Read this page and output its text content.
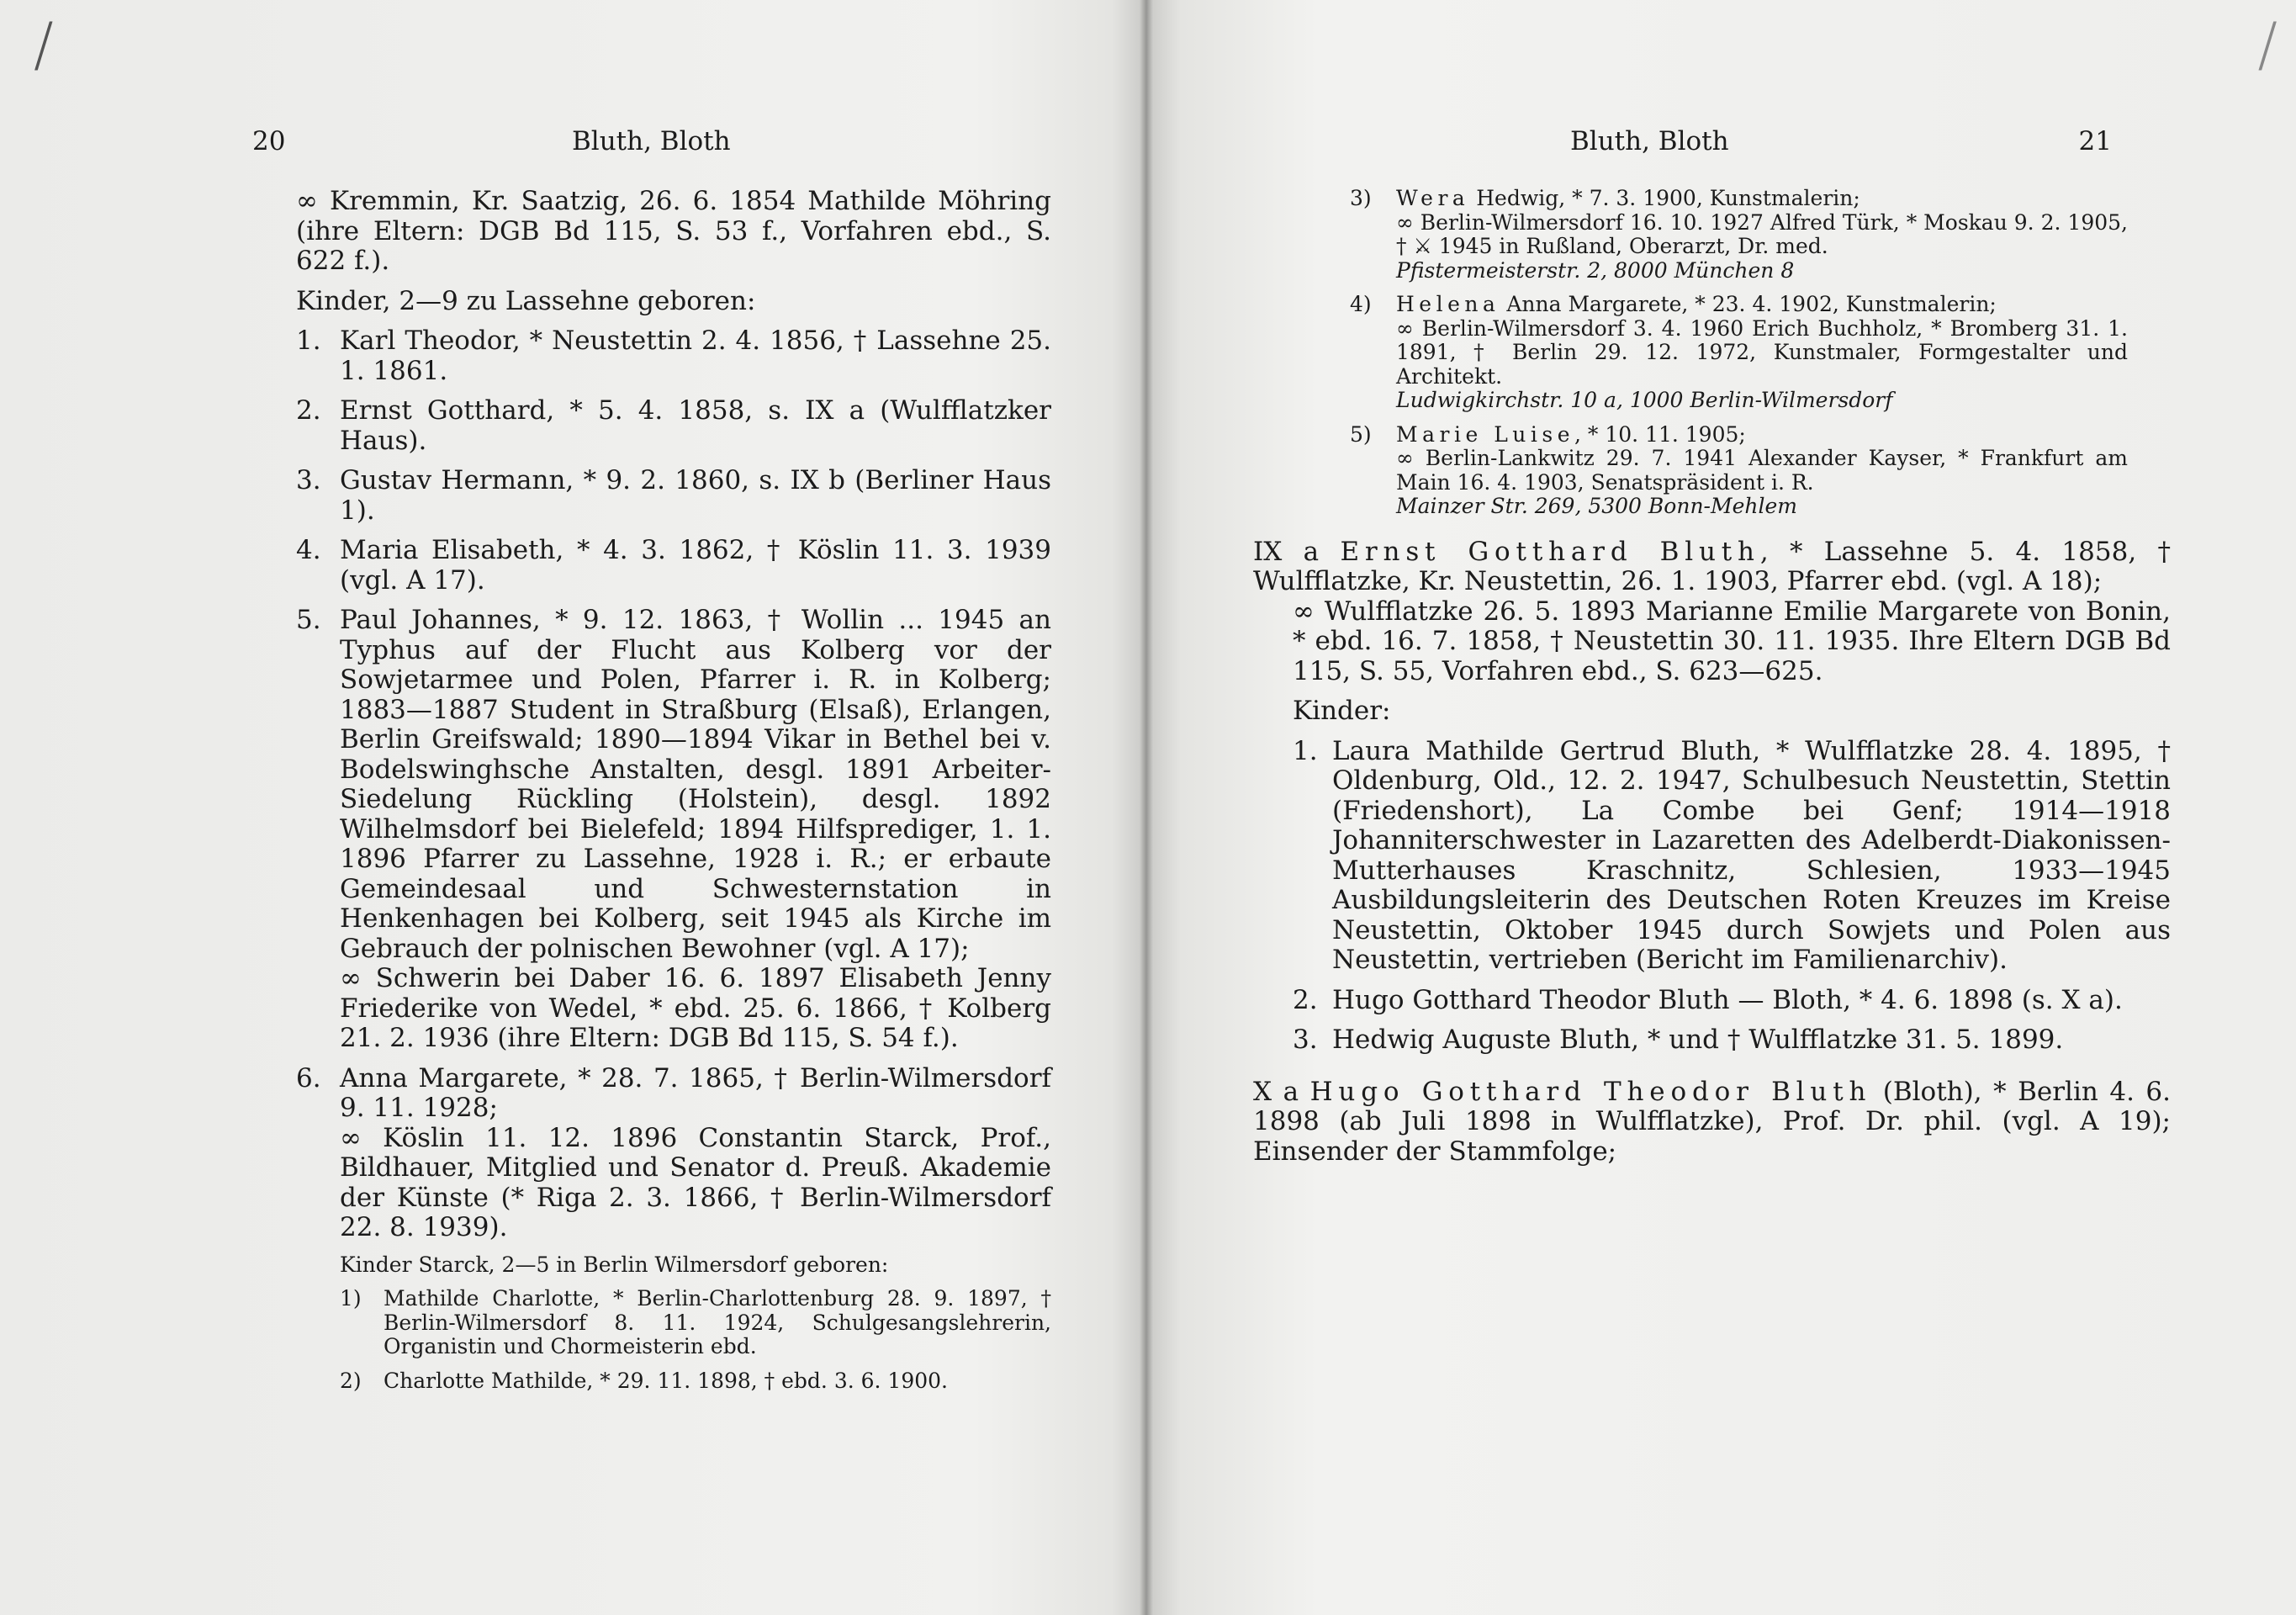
/
20	Bluth, Bloth

∞ Kremmin, Kr. Saatzig, 26. 6. 1854 Mathilde Möhring (ihre Eltern: DGB Bd 115, S. 53 f., Vorfahren ebd., S. 622 f.).

Kinder, 2—9 zu Lassehne geboren:

1. Karl Theodor, * Neustettin 2. 4. 1856, † Lassehne 25. 1. 1861.
2. Ernst Gotthard, * 5. 4. 1858, s. IX a (Wulfflatzker Haus).
3. Gustav Hermann, * 9. 2. 1860, s. IX b (Berliner Haus 1).
4. Maria Elisabeth, * 4. 3. 1862, † Köslin 11. 3. 1939 (vgl. A 17).
5. Paul Johannes, * 9. 12. 1863, † Wollin ... 1945 an Typhus auf der Flucht aus Kolberg vor der Sowjetarmee und Polen, Pfarrer i. R. in Kolberg; 1883—1887 Student in Straßburg (Elsaß), Erlangen, Berlin Greifswald; 1890—1894 Vikar in Bethel bei v. Bodelswinghsche Anstalten, desgl. 1891 Arbeiter-Siedelung Rückling (Holstein), desgl. 1892 Wilhelmsdorf bei Bielefeld; 1894 Hilfsprediger, 1. 1. 1896 Pfarrer zu Lassehne, 1928 i. R.; er erbaute Gemeindesaal und Schwesternstation in Henkenhagen bei Kolberg, seit 1945 als Kirche im Gebrauch der polnischen Bewohner (vgl. A 17);

∞ Schwerin bei Daber 16. 6. 1897 Elisabeth Jenny Friederike von Wedel, * ebd. 25. 6. 1866, † Kolberg 21. 2. 1936 (ihre Eltern: DGB Bd 115, S. 54 f.).

6. Anna Margarete, * 28. 7. 1865, † Berlin-Wilmersdorf 9. 11. 1928;

∞ Köslin 11. 12. 1896 Constantin Starck, Prof., Bildhauer, Mitglied und Senator d. Preuß. Akademie der Künste (* Riga 2. 3. 1866, † Berlin-Wilmersdorf 22. 8. 1939).

Kinder Starck, 2—5 in Berlin Wilmersdorf geboren:

1)	Mathilde Charlotte, * Berlin-Charlottenburg 28. 9. 1897, † Berlin-Wilmersdorf 8. 11. 1924, Schulgesangslehrerin, Organistin und Chormeisterin ebd.
2)	Charlotte Mathilde, * 29. 11. 1898, † ebd. 3. 6. 1900.
/
Bluth, Bloth	21
3)	Wera Hedwig, * 7. 3. 1900, Kunstmalerin;

∞ Berlin-Wilmersdorf 16. 10. 1927 Alfred Türk, * Moskau 9. 2. 1905, † ⚔ 1945 in Rußland, Oberarzt, Dr. med.

Pfistermeisterstr. 2, 8000 München 8

4)	Helena Anna Margarete, * 23. 4. 1902, Kunstmalerin;

∞ Berlin-Wilmersdorf 3. 4. 1960 Erich Buchholz, * Bromberg 31. 1. 1891, † Berlin 29. 12. 1972, Kunstmaler, Formgestalter und Architekt.

Ludwigkirchstr. 10 a, 1000 Berlin-Wilmersdorf

5)	Marie Luise, * 10. 11. 1905;

∞ Berlin-Lankwitz 29. 7. 1941 Alexander Kayser, * Frankfurt am Main 16. 4. 1903, Senatspräsident i. R.

Mainzer Str. 269, 5300 Bonn-Mehlem

IX a Ernst Gotthard Bluth, * Lassehne 5. 4. 1858, † Wulfflatzke, Kr. Neustettin, 26. 1. 1903, Pfarrer ebd. (vgl. A 18);

∞ Wulfflatzke 26. 5. 1893 Marianne Emilie Margarete von Bonin, * ebd. 16. 7. 1858, † Neustettin 30. 11. 1935. Ihre Eltern DGB Bd 115, S. 55, Vorfahren ebd., S. 623—625.

Kinder:

1. Laura Mathilde Gertrud Bluth, * Wulfflatzke 28. 4. 1895, † Oldenburg, Old., 12. 2. 1947, Schulbesuch Neustettin, Stettin (Friedenshort), La Combe bei Genf; 1914—1918 Johanniterschwester in Lazaretten des Adelberdt-Diakonissen-Mutterhauses Kraschnitz, Schlesien, 1933—1945 Ausbildungsleiterin des Deutschen Roten Kreuzes im Kreise Neustettin, Oktober 1945 durch Sowjets und Polen aus Neustettin, vertrieben (Bericht im Familienarchiv).
2. Hugo Gotthard Theodor Bluth — Bloth, * 4. 6. 1898 (s. X a).
3. Hedwig Auguste Bluth, * und † Wulfflatzke 31. 5. 1899.

X a Hugo Gotthard Theodor Bluth (Bloth), * Berlin 4. 6. 1898 (ab Juli 1898 in Wulfflatzke), Prof. Dr. phil. (vgl. A 19); Einsender der Stammfolge;
